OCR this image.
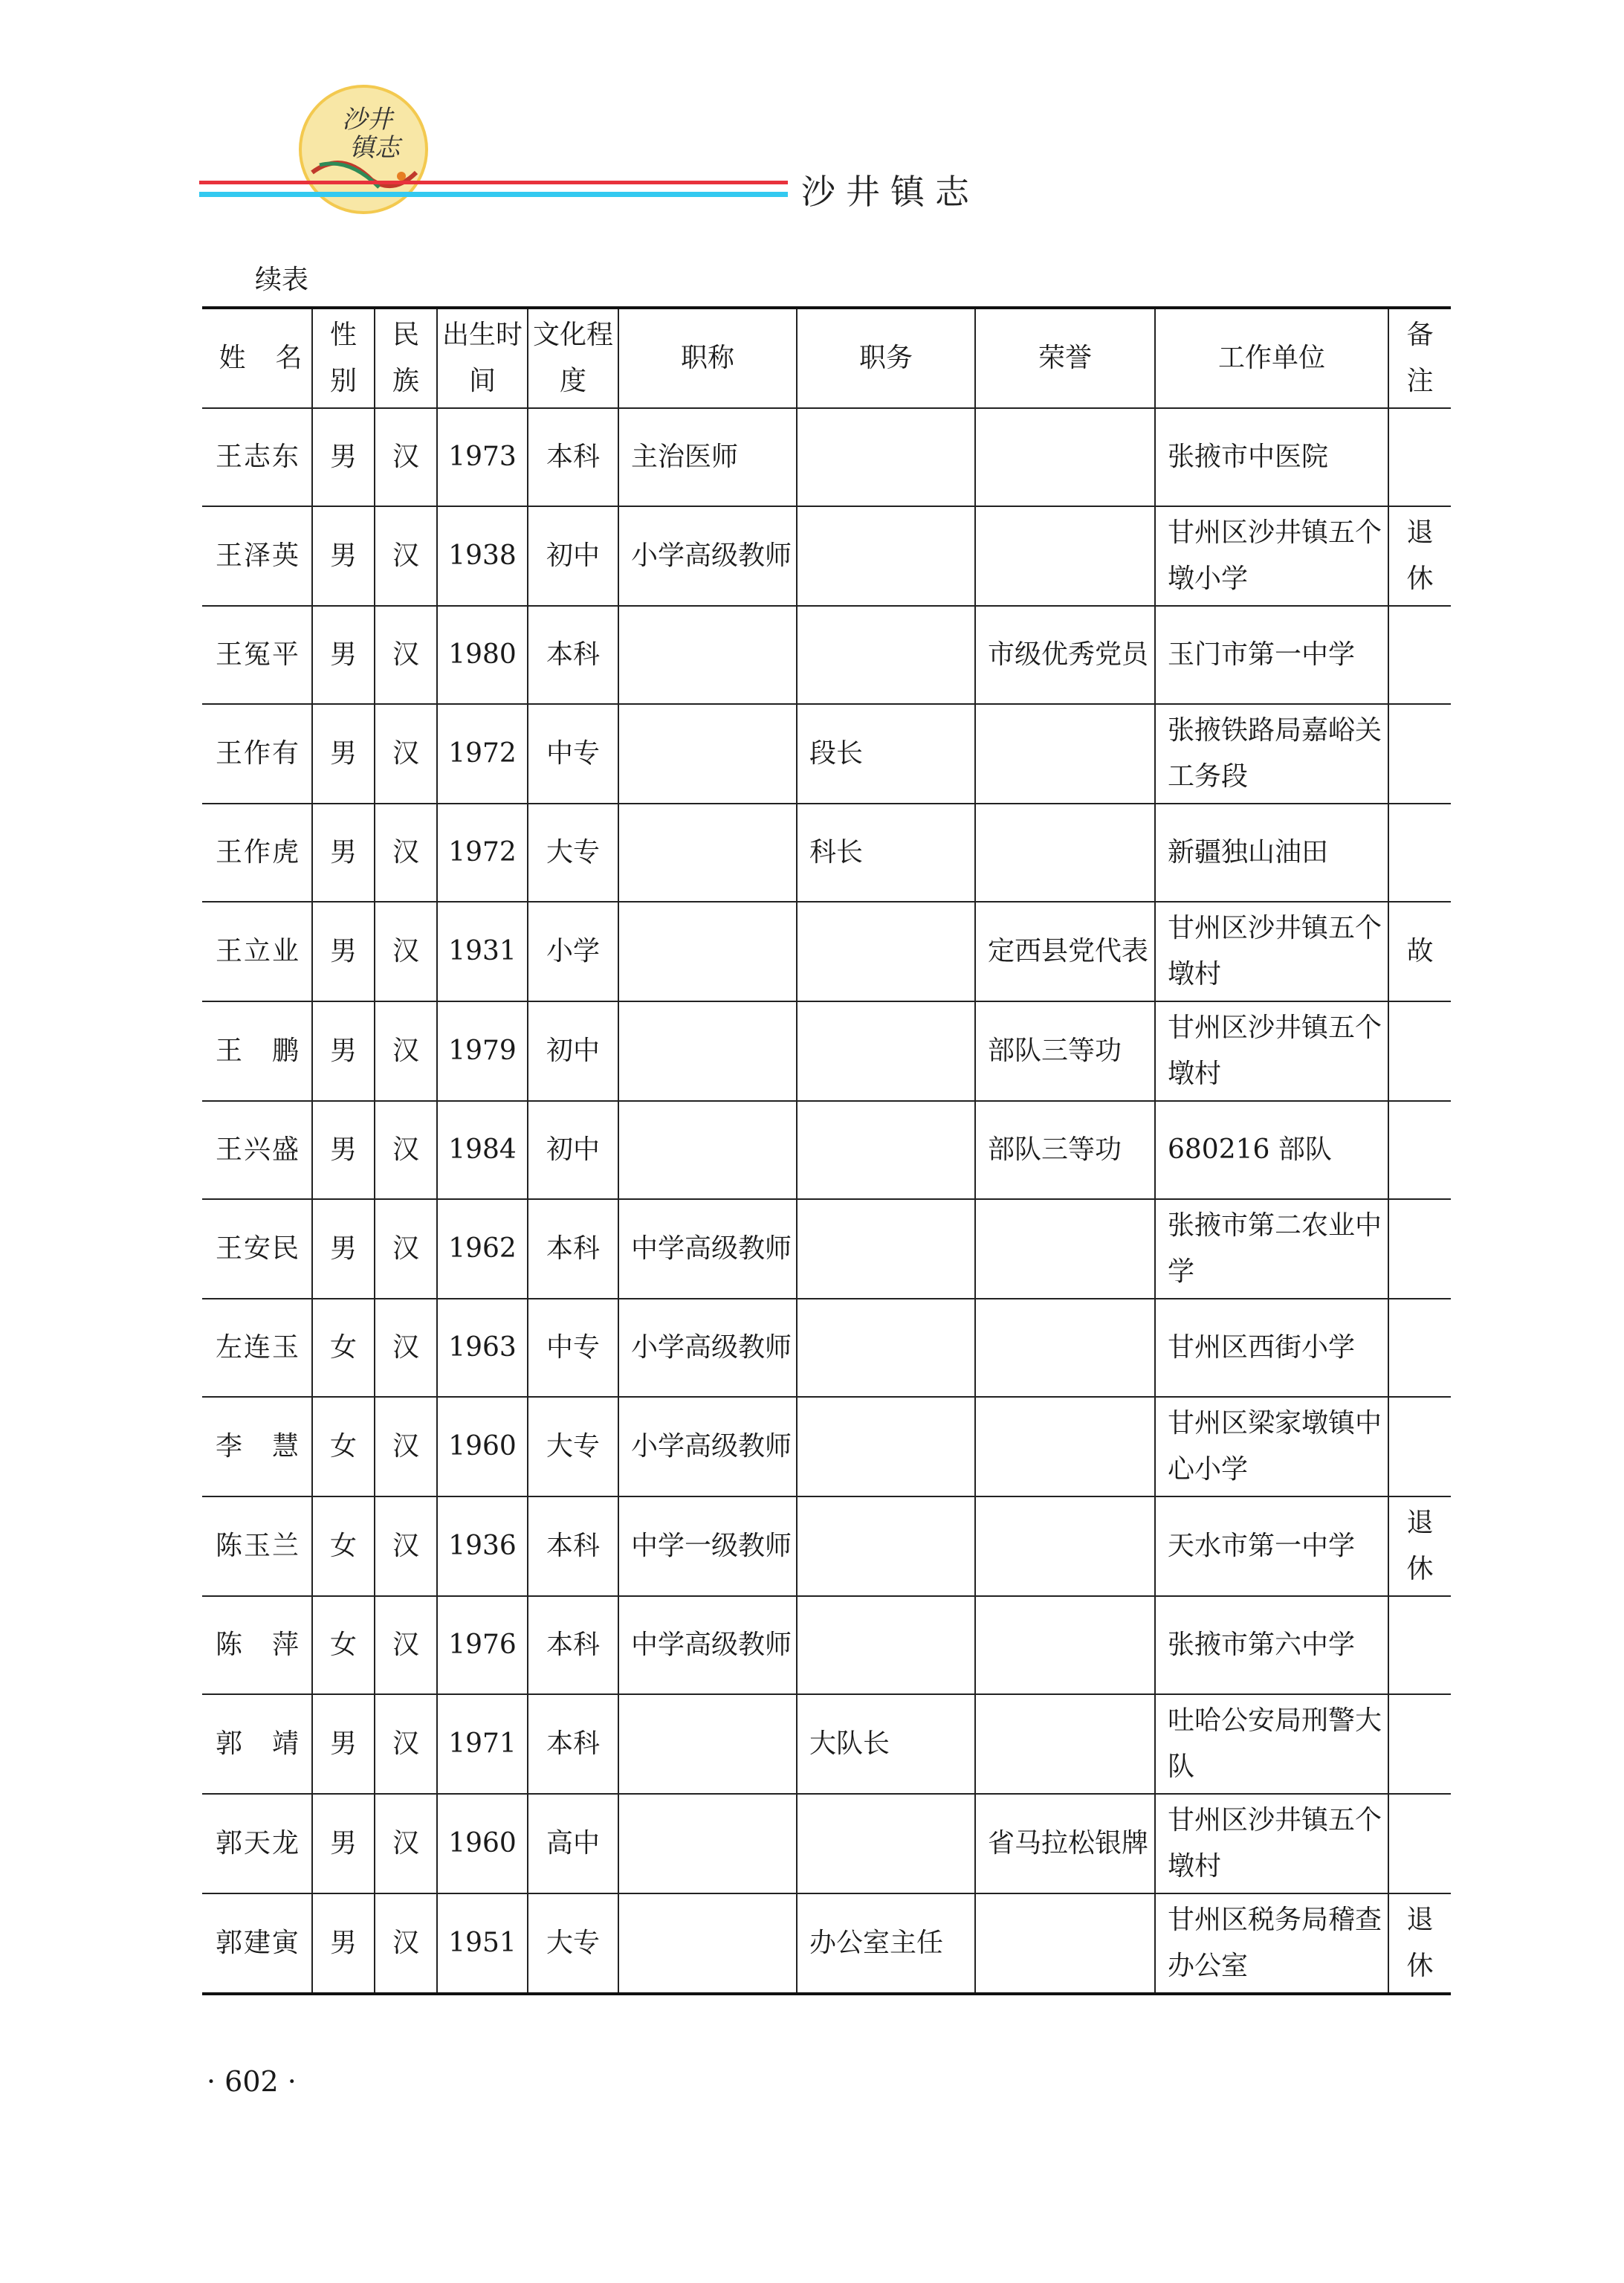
沙井
镇志
沙井镇志
续表
姓　名	性别	民族	出生时间	文化程度	职称	职务	荣誉	工作单位	备注
王志东	男	汉	1973	本科	主治医师			张掖市中医院	
王泽英	男	汉	1938	初中	小学高级教师			甘州区沙井镇五个墩小学	退休
王冤平	男	汉	1980	本科			市级优秀党员	玉门市第一中学	
王作有	男	汉	1972	中专		段长		张掖铁路局嘉峪关工务段	
王作虎	男	汉	1972	大专		科长		新疆独山油田	
王立业	男	汉	1931	小学			定西县党代表	甘州区沙井镇五个墩村	故
王　鹏	男	汉	1979	初中			部队三等功	甘州区沙井镇五个墩村	
王兴盛	男	汉	1984	初中			部队三等功	680216 部队	
王安民	男	汉	1962	本科	中学高级教师			张掖市第二农业中学	
左连玉	女	汉	1963	中专	小学高级教师			甘州区西街小学	
李　慧	女	汉	1960	大专	小学高级教师			甘州区梁家墩镇中心小学	
陈玉兰	女	汉	1936	本科	中学一级教师			天水市第一中学	退休
陈　萍	女	汉	1976	本科	中学高级教师			张掖市第六中学	
郭　靖	男	汉	1971	本科		大队长		吐哈公安局刑警大队	
郭天龙	男	汉	1960	高中			省马拉松银牌	甘州区沙井镇五个墩村	
郭建寅	男	汉	1951	大专		办公室主任		甘州区税务局稽查办公室	退休
· 602 ·
